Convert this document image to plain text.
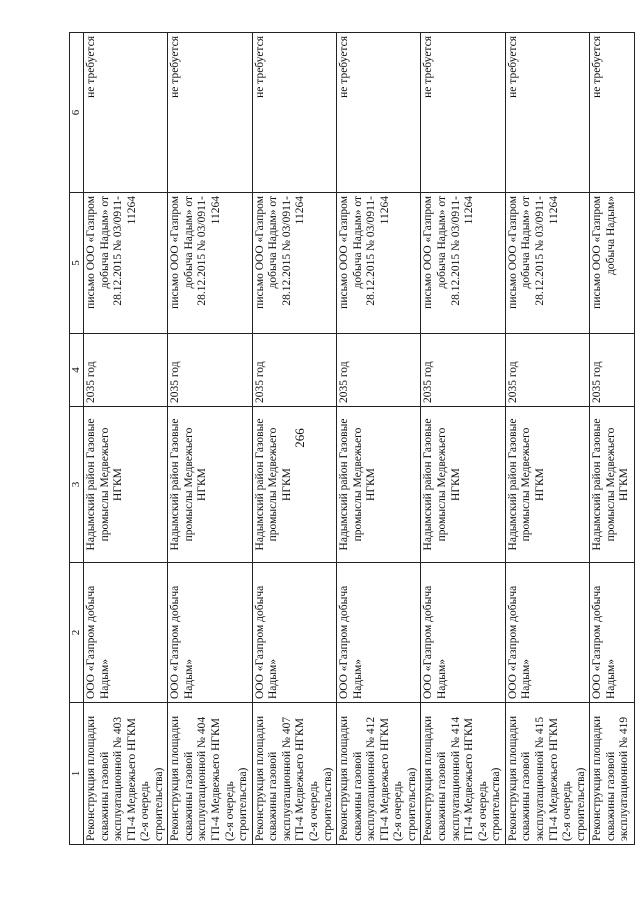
266
1	2	3	4	5	6
Реконструкция площадки скважины газовой эксплуатационной № 403 ГП-4 Медвежьего НГКМ (2-я очередь строительства)	ООО «Газпром добыча Надым»	Надымский район Газовые промыслы Медвежьего НГКМ	2035 год	письмо ООО «Газпром добыча Надым» от 28.12.2015 № 03/0911-11264	не требуется
Реконструкция площадки скважины газовой эксплуатационной № 404 ГП-4 Медвежьего НГКМ (2-я очередь строительства)	ООО «Газпром добыча Надым»	Надымский район Газовые промыслы Медвежьего НГКМ	2035 год	письмо ООО «Газпром добыча Надым» от 28.12.2015 № 03/0911-11264	не требуется
Реконструкция площадки скважины газовой эксплуатационной № 407 ГП-4 Медвежьего НГКМ (2-я очередь строительства)	ООО «Газпром добыча Надым»	Надымский район Газовые промыслы Медвежьего НГКМ	2035 год	письмо ООО «Газпром добыча Надым» от 28.12.2015 № 03/0911-11264	не требуется
Реконструкция площадки скважины газовой эксплуатационной № 412 ГП-4 Медвежьего НГКМ (2-я очередь строительства)	ООО «Газпром добыча Надым»	Надымский район Газовые промыслы Медвежьего НГКМ	2035 год	письмо ООО «Газпром добыча Надым» от 28.12.2015 № 03/0911-11264	не требуется
Реконструкция площадки скважины газовой эксплуатационной № 414 ГП-4 Медвежьего НГКМ (2-я очередь строительства)	ООО «Газпром добыча Надым»	Надымский район Газовые промыслы Медвежьего НГКМ	2035 год	письмо ООО «Газпром добыча Надым» от 28.12.2015 № 03/0911-11264	не требуется
Реконструкция площадки скважины газовой эксплуатационной № 415 ГП-4 Медвежьего НГКМ (2-я очередь строительства)	ООО «Газпром добыча Надым»	Надымский район Газовые промыслы Медвежьего НГКМ	2035 год	письмо ООО «Газпром добыча Надым» от 28.12.2015 № 03/0911-11264	не требуется
Реконструкция площадки скважины газовой эксплуатационной № 419	ООО «Газпром добыча Надым»	Надымский район Газовые промыслы Медвежьего НГКМ	2035 год	письмо ООО «Газпром добыча Надым»	не требуется
